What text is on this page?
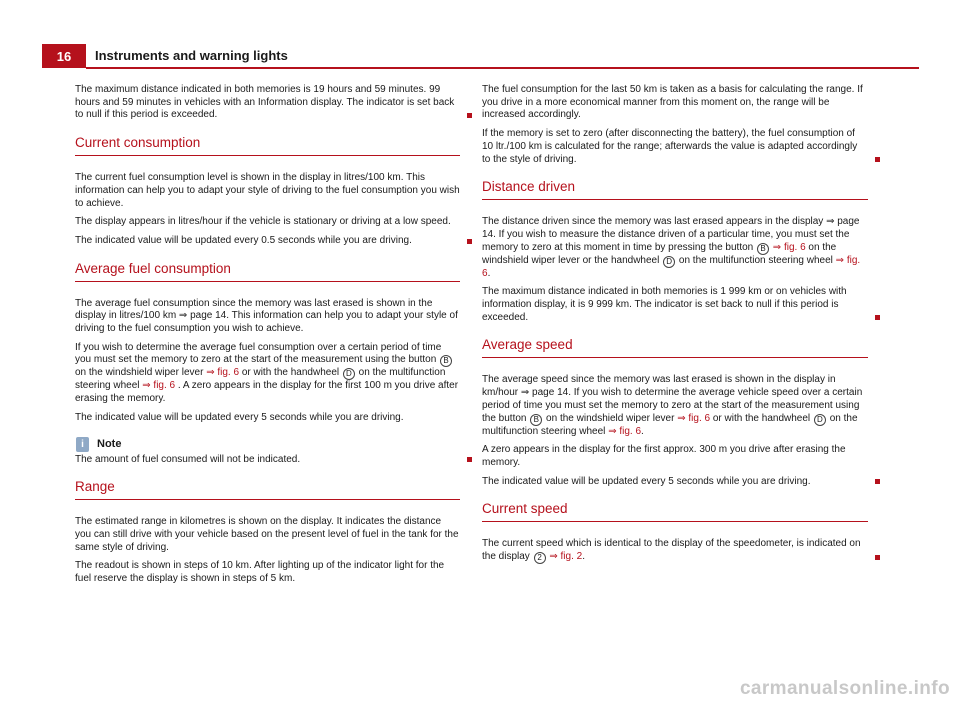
16	Instruments and warning lights
The maximum distance indicated in both memories is 19 hours and 59 minutes. 99 hours and 59 minutes in vehicles with an Information display. The indicator is set back to null if this period is exceeded.
Current consumption
The current fuel consumption level is shown in the display in litres/100 km. This information can help you to adapt your style of driving to the fuel consumption you wish to achieve.
The display appears in litres/hour if the vehicle is stationary or driving at a low speed.
The indicated value will be updated every 0.5 seconds while you are driving.
Average fuel consumption
The average fuel consumption since the memory was last erased is shown in the display in litres/100 km ⇒ page 14. This information can help you to adapt your style of driving to the fuel consumption you wish to achieve.
If you wish to determine the average fuel consumption over a certain period of time you must set the memory to zero at the start of the measurement using the button B on the windshield wiper lever ⇒ fig. 6 or with the handwheel D on the multifunction steering wheel ⇒ fig. 6 . A zero appears in the display for the first 100 m you drive after erasing the memory.
The indicated value will be updated every 5 seconds while you are driving.
i	Note
The amount of fuel consumed will not be indicated.
Range
The estimated range in kilometres is shown on the display. It indicates the distance you can still drive with your vehicle based on the present level of fuel in the tank for the same style of driving.
The readout is shown in steps of 10 km. After lighting up of the indicator light for the fuel reserve the display is shown in steps of 5 km.
The fuel consumption for the last 50 km is taken as a basis for calculating the range. If you drive in a more economical manner from this moment on, the range will be increased accordingly.
If the memory is set to zero (after disconnecting the battery), the fuel consumption of 10 ltr./100 km is calculated for the range; afterwards the value is adapted accordingly to the style of driving.
Distance driven
The distance driven since the memory was last erased appears in the display ⇒ page 14. If you wish to measure the distance driven of a particular time, you must set the memory to zero at this moment in time by pressing the button B ⇒ fig. 6 on the windshield wiper lever or the handwheel D on the multifunction steering wheel ⇒ fig. 6.
The maximum distance indicated in both memories is 1 999 km or on vehicles with information display, it is 9 999 km. The indicator is set back to null if this period is exceeded.
Average speed
The average speed since the memory was last erased is shown in the display in km/hour ⇒ page 14. If you wish to determine the average vehicle speed over a certain period of time you must set the memory to zero at the start of the measurement using the button B on the windshield wiper lever ⇒ fig. 6 or with the handwheel D on the multifunction steering wheel ⇒ fig. 6.
A zero appears in the display for the first approx. 300 m you drive after erasing the memory.
The indicated value will be updated every 5 seconds while you are driving.
Current speed
The current speed which is identical to the display of the speedometer, is indicated on the display 2 ⇒ fig. 2.
carmanualsonline.info
